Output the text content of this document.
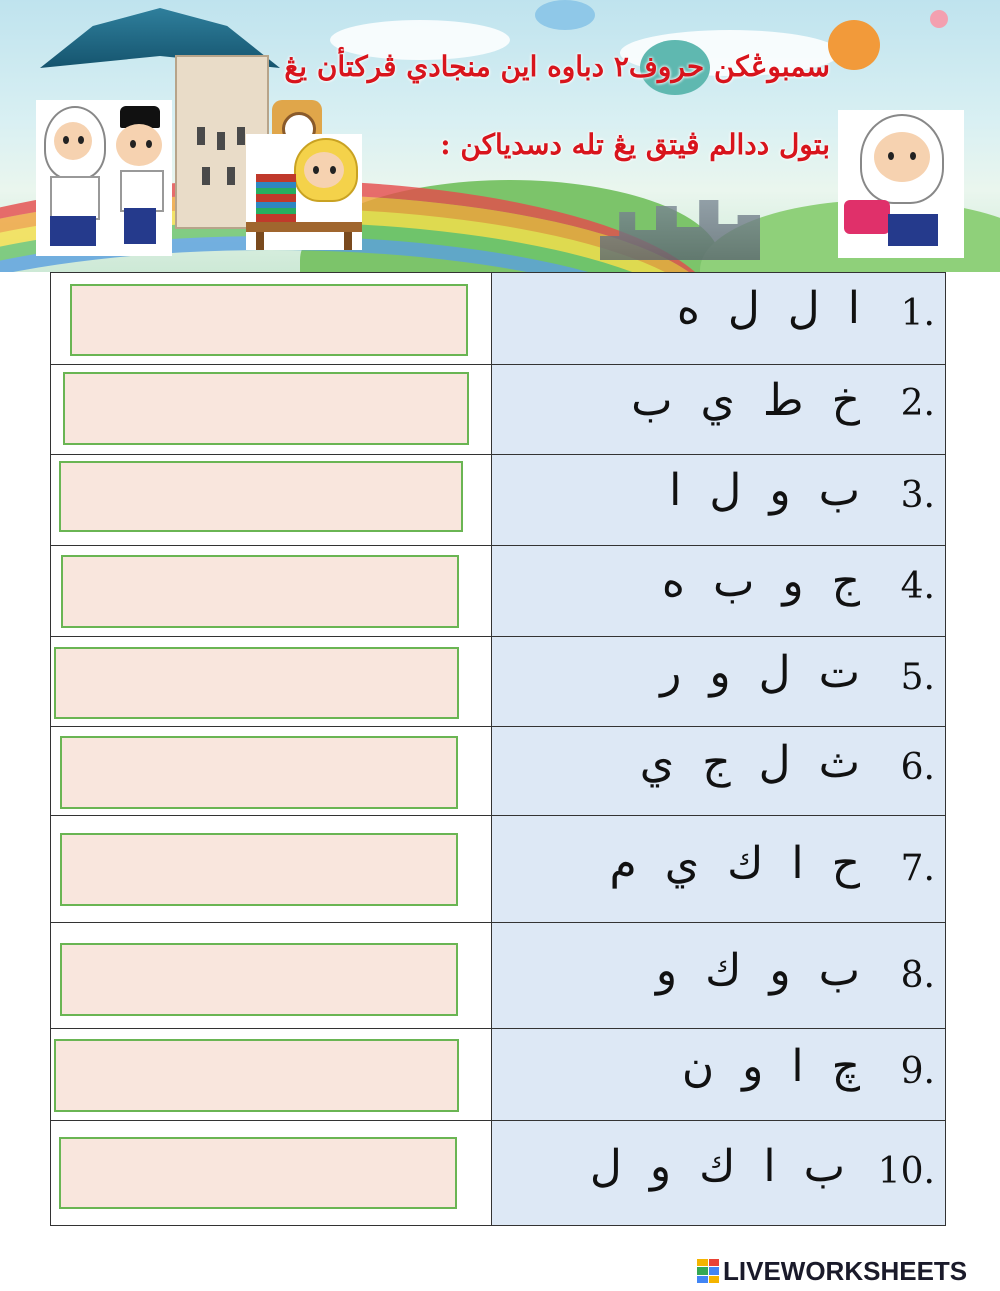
سمبوڠكن حروف٢ دباوه اين منجادي ڤركتأن يڠ
بتول ددالم ڤيتق يڠ تله دسدياكن :
1.
ا ل ل ه
2.
خ ط ي ب
3.
ب و ل ا
4.
ج و ب ه
5.
ت ل و ر
6.
ث ل ج ي
7.
ح ا ك ي م
8.
ب و ك و
9.
چ ا و ن
10.
ب ا ك و ل
LIVEWORKSHEETS
